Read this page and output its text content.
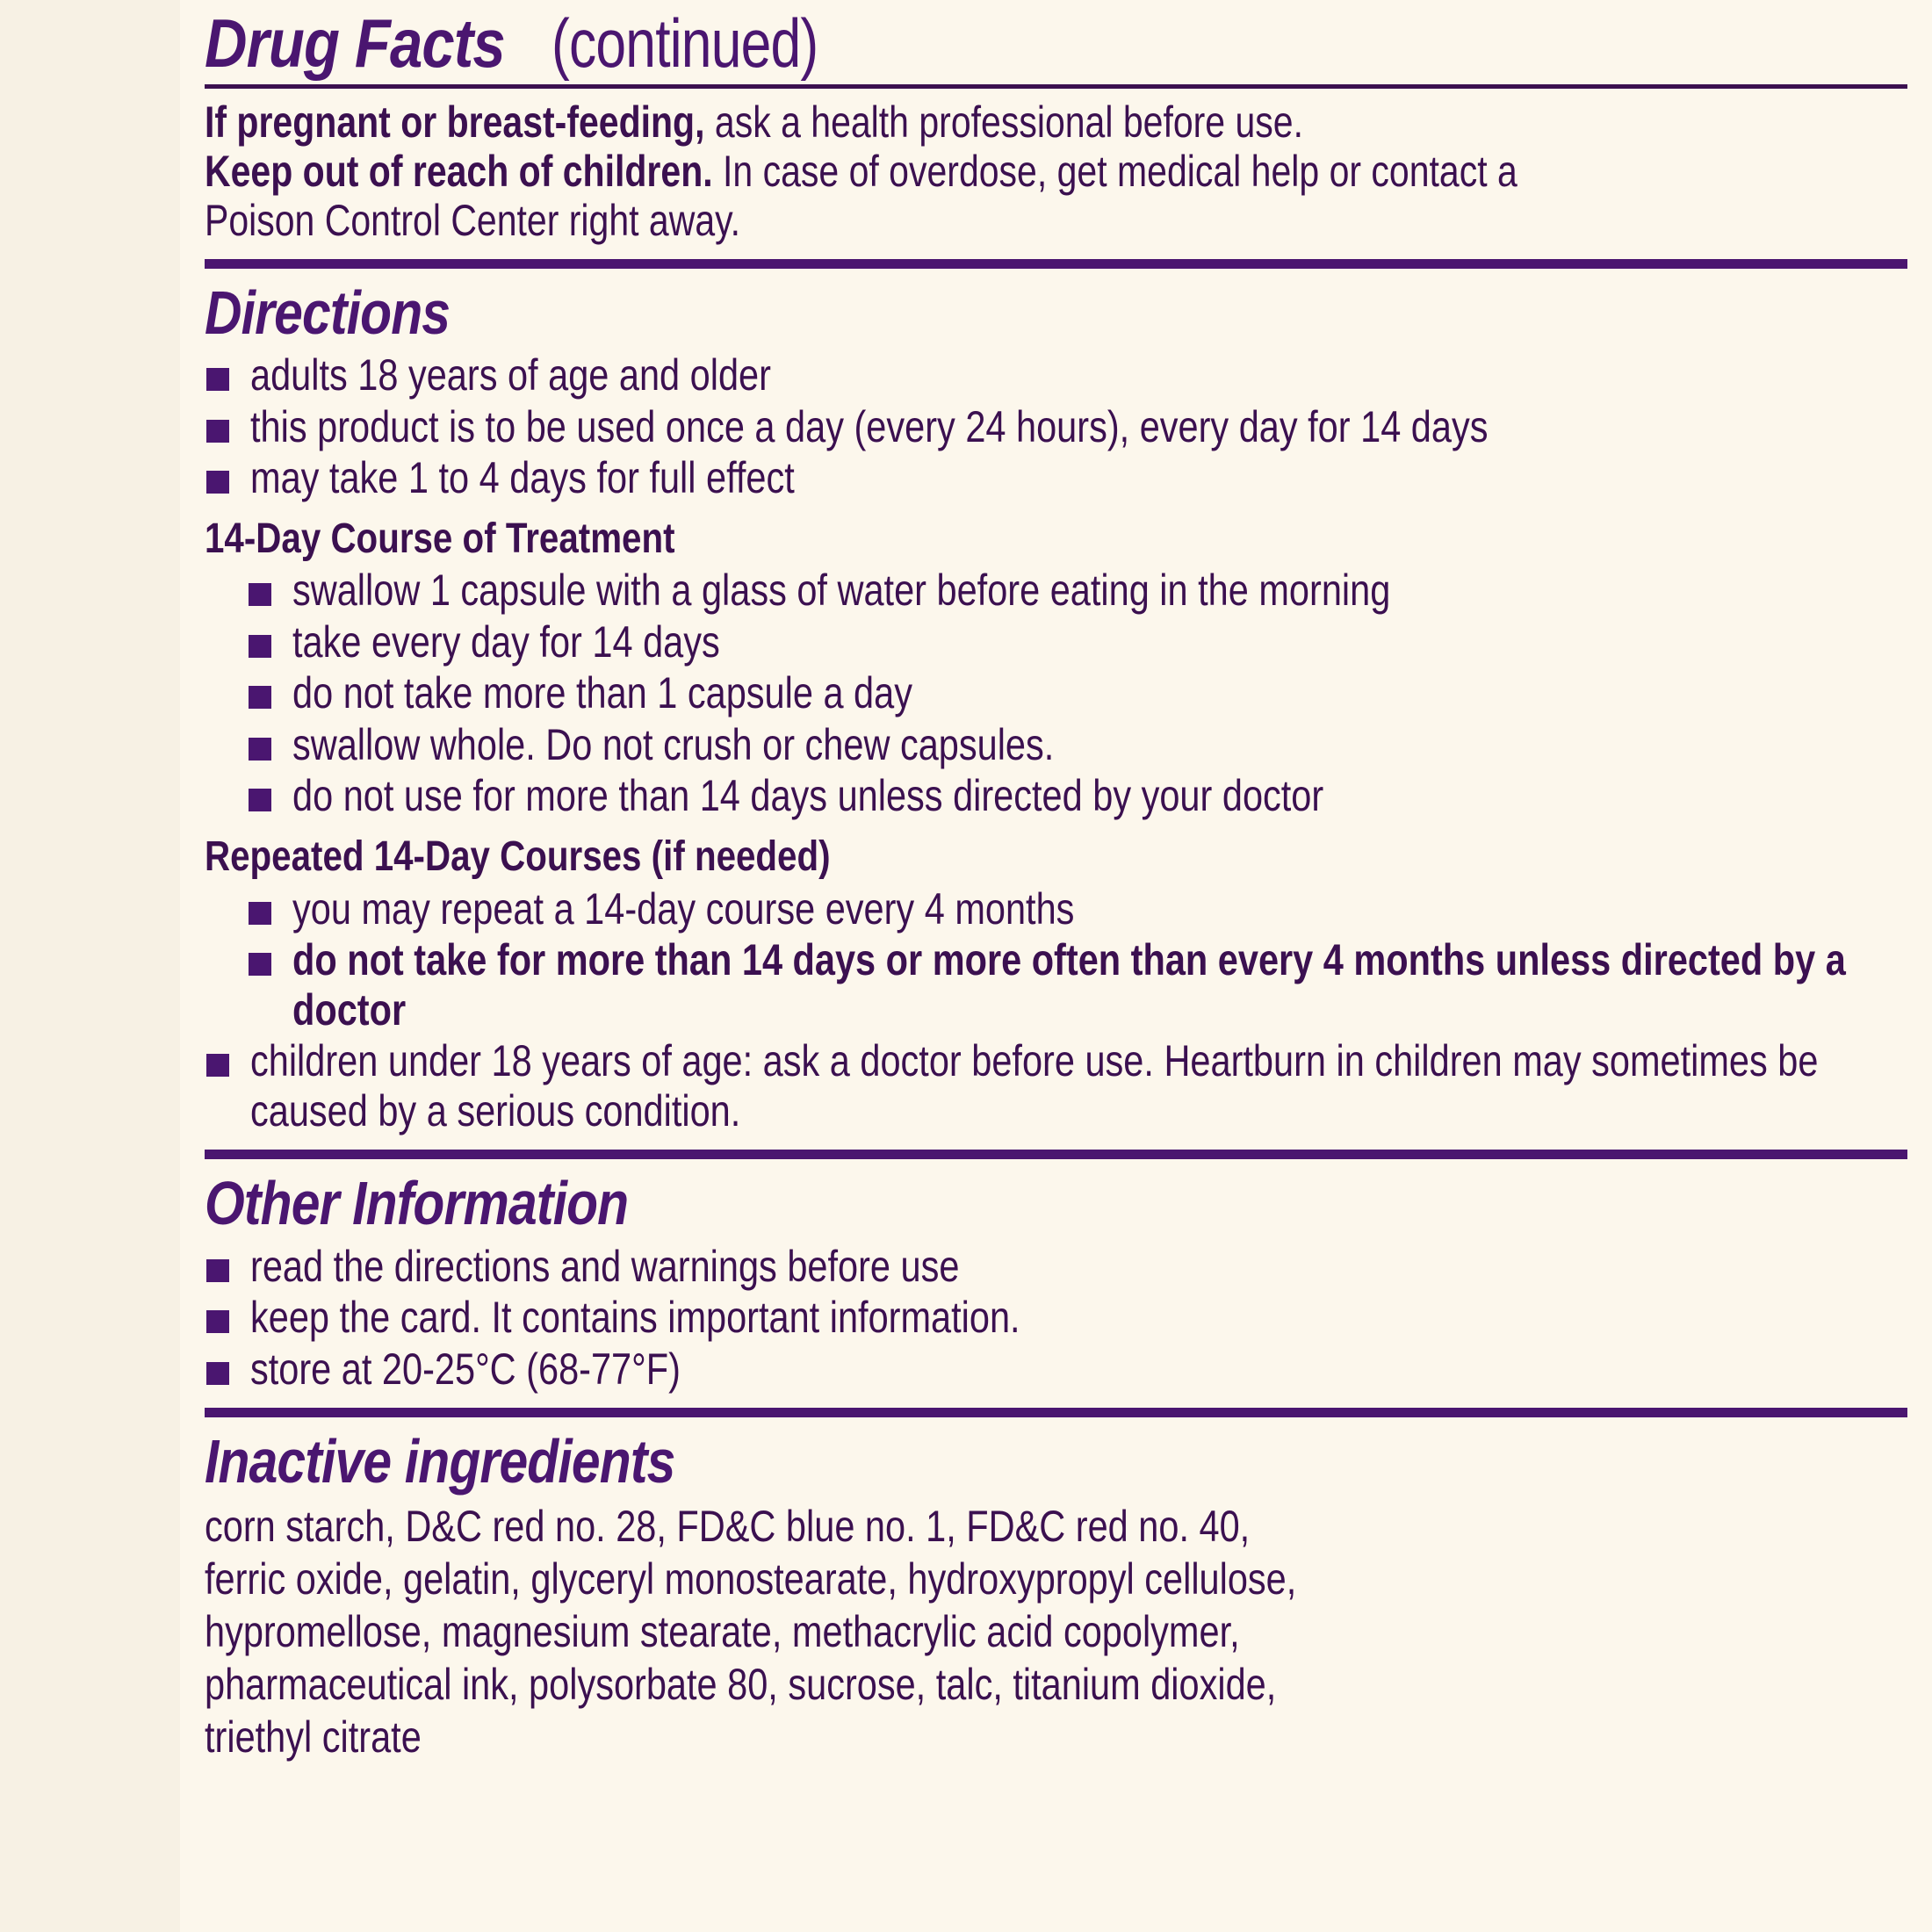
Drug Facts (continued)
If pregnant or breast-feeding, ask a health professional before use. Keep out of reach of children. In case of overdose, get medical help or contact a Poison Control Center right away.
Directions
adults 18 years of age and older
this product is to be used once a day (every 24 hours), every day for 14 days
may take 1 to 4 days for full effect
14-Day Course of Treatment
swallow 1 capsule with a glass of water before eating in the morning
take every day for 14 days
do not take more than 1 capsule a day
swallow whole. Do not crush or chew capsules.
do not use for more than 14 days unless directed by your doctor
Repeated 14-Day Courses (if needed)
you may repeat a 14-day course every 4 months
do not take for more than 14 days or more often than every 4 months unless directed by a doctor
children under 18 years of age: ask a doctor before use. Heartburn in children may sometimes be caused by a serious condition.
Other Information
read the directions and warnings before use
keep the card. It contains important information.
store at 20-25°C (68-77°F)
Inactive ingredients
corn starch, D&C red no. 28, FD&C blue no. 1, FD&C red no. 40,
ferric oxide, gelatin, glyceryl monostearate, hydroxypropyl cellulose,
hypromellose, magnesium stearate, methacrylic acid copolymer,
pharmaceutical ink, polysorbate 80, sucrose, talc, titanium dioxide,
triethyl citrate
